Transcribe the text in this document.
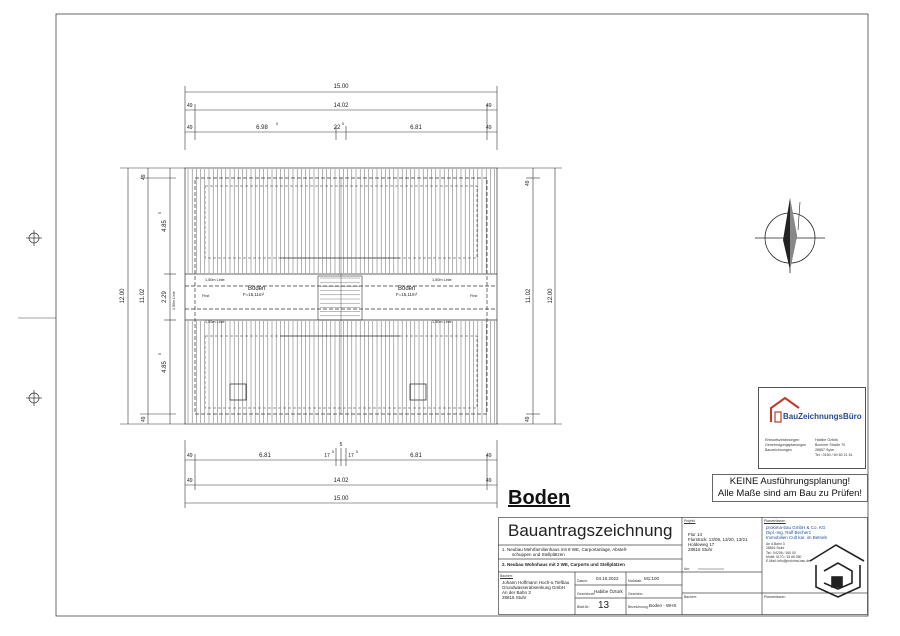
Boden
F=15,11m²
Boden
F=15,11m²
1,50m Linie	1,50m Linie
1,50m Linie	1,50m Linie
First	First
1,50m Linie
15.00
14.02
49	49
49	49
6.98
5
22
5
6.81
12.00 11.02
49
49
4.85
5
2.29
4.85
5
11.02	12.00
49
49
5
49	49
6.81	17
5
17
5
6.81
49	49
14.02
15.00
BauZeichnungsBüro
Entwurfszeichnungen
Genehmigungsplanungen
Bauzeichnungen
Habibe Öztürk
Bochner Straße 70
28857 Syke
Tel.: 0150 / 60 60 21 61
KEINE Ausführungsplanung!
Alle Maße sind am Bau zu Prüfen!
Boden
Bauantragszeichnung
1. Neubau Mehrfamilienhaus mit 8 WE, Carportanlage, Abstell-
schuppen und Stellplätzen
2. Neubau Wohnhaus mit 2 WE, Carports und Stellplätzen
Bauherr:
Johann Hoffmann Hoch-u.Tiefbau
Grundwasserabsenkung GmbH
An der Bahn 3
28816 Stuhr
Datum: 04.10.2022	Maßstab: M1:100
Gezeichnet:
Habibe Öztürk Gezeichn.
Blatt-Nr.: 13	Bezeichnung: Boden - WHS
Projekt:
Flur 14
Flurstück: 13/09, 13/20, 13/21
Holdeweg 17
28816 Stuhr
Am:
Bauherr:
Planverfasser:
prokima-bau GmbH & Co. KG
Dipl.-Ing. Ralf Becherz
Immobilien Cult kar. im Betrieb
An d.Bahn 3
28816 Stuhr
Tel.: 04206 / 160 00
Mobil: 0170 / 15 66 050
E-Mail: info@prokima-bau.de
Planverfasser:
